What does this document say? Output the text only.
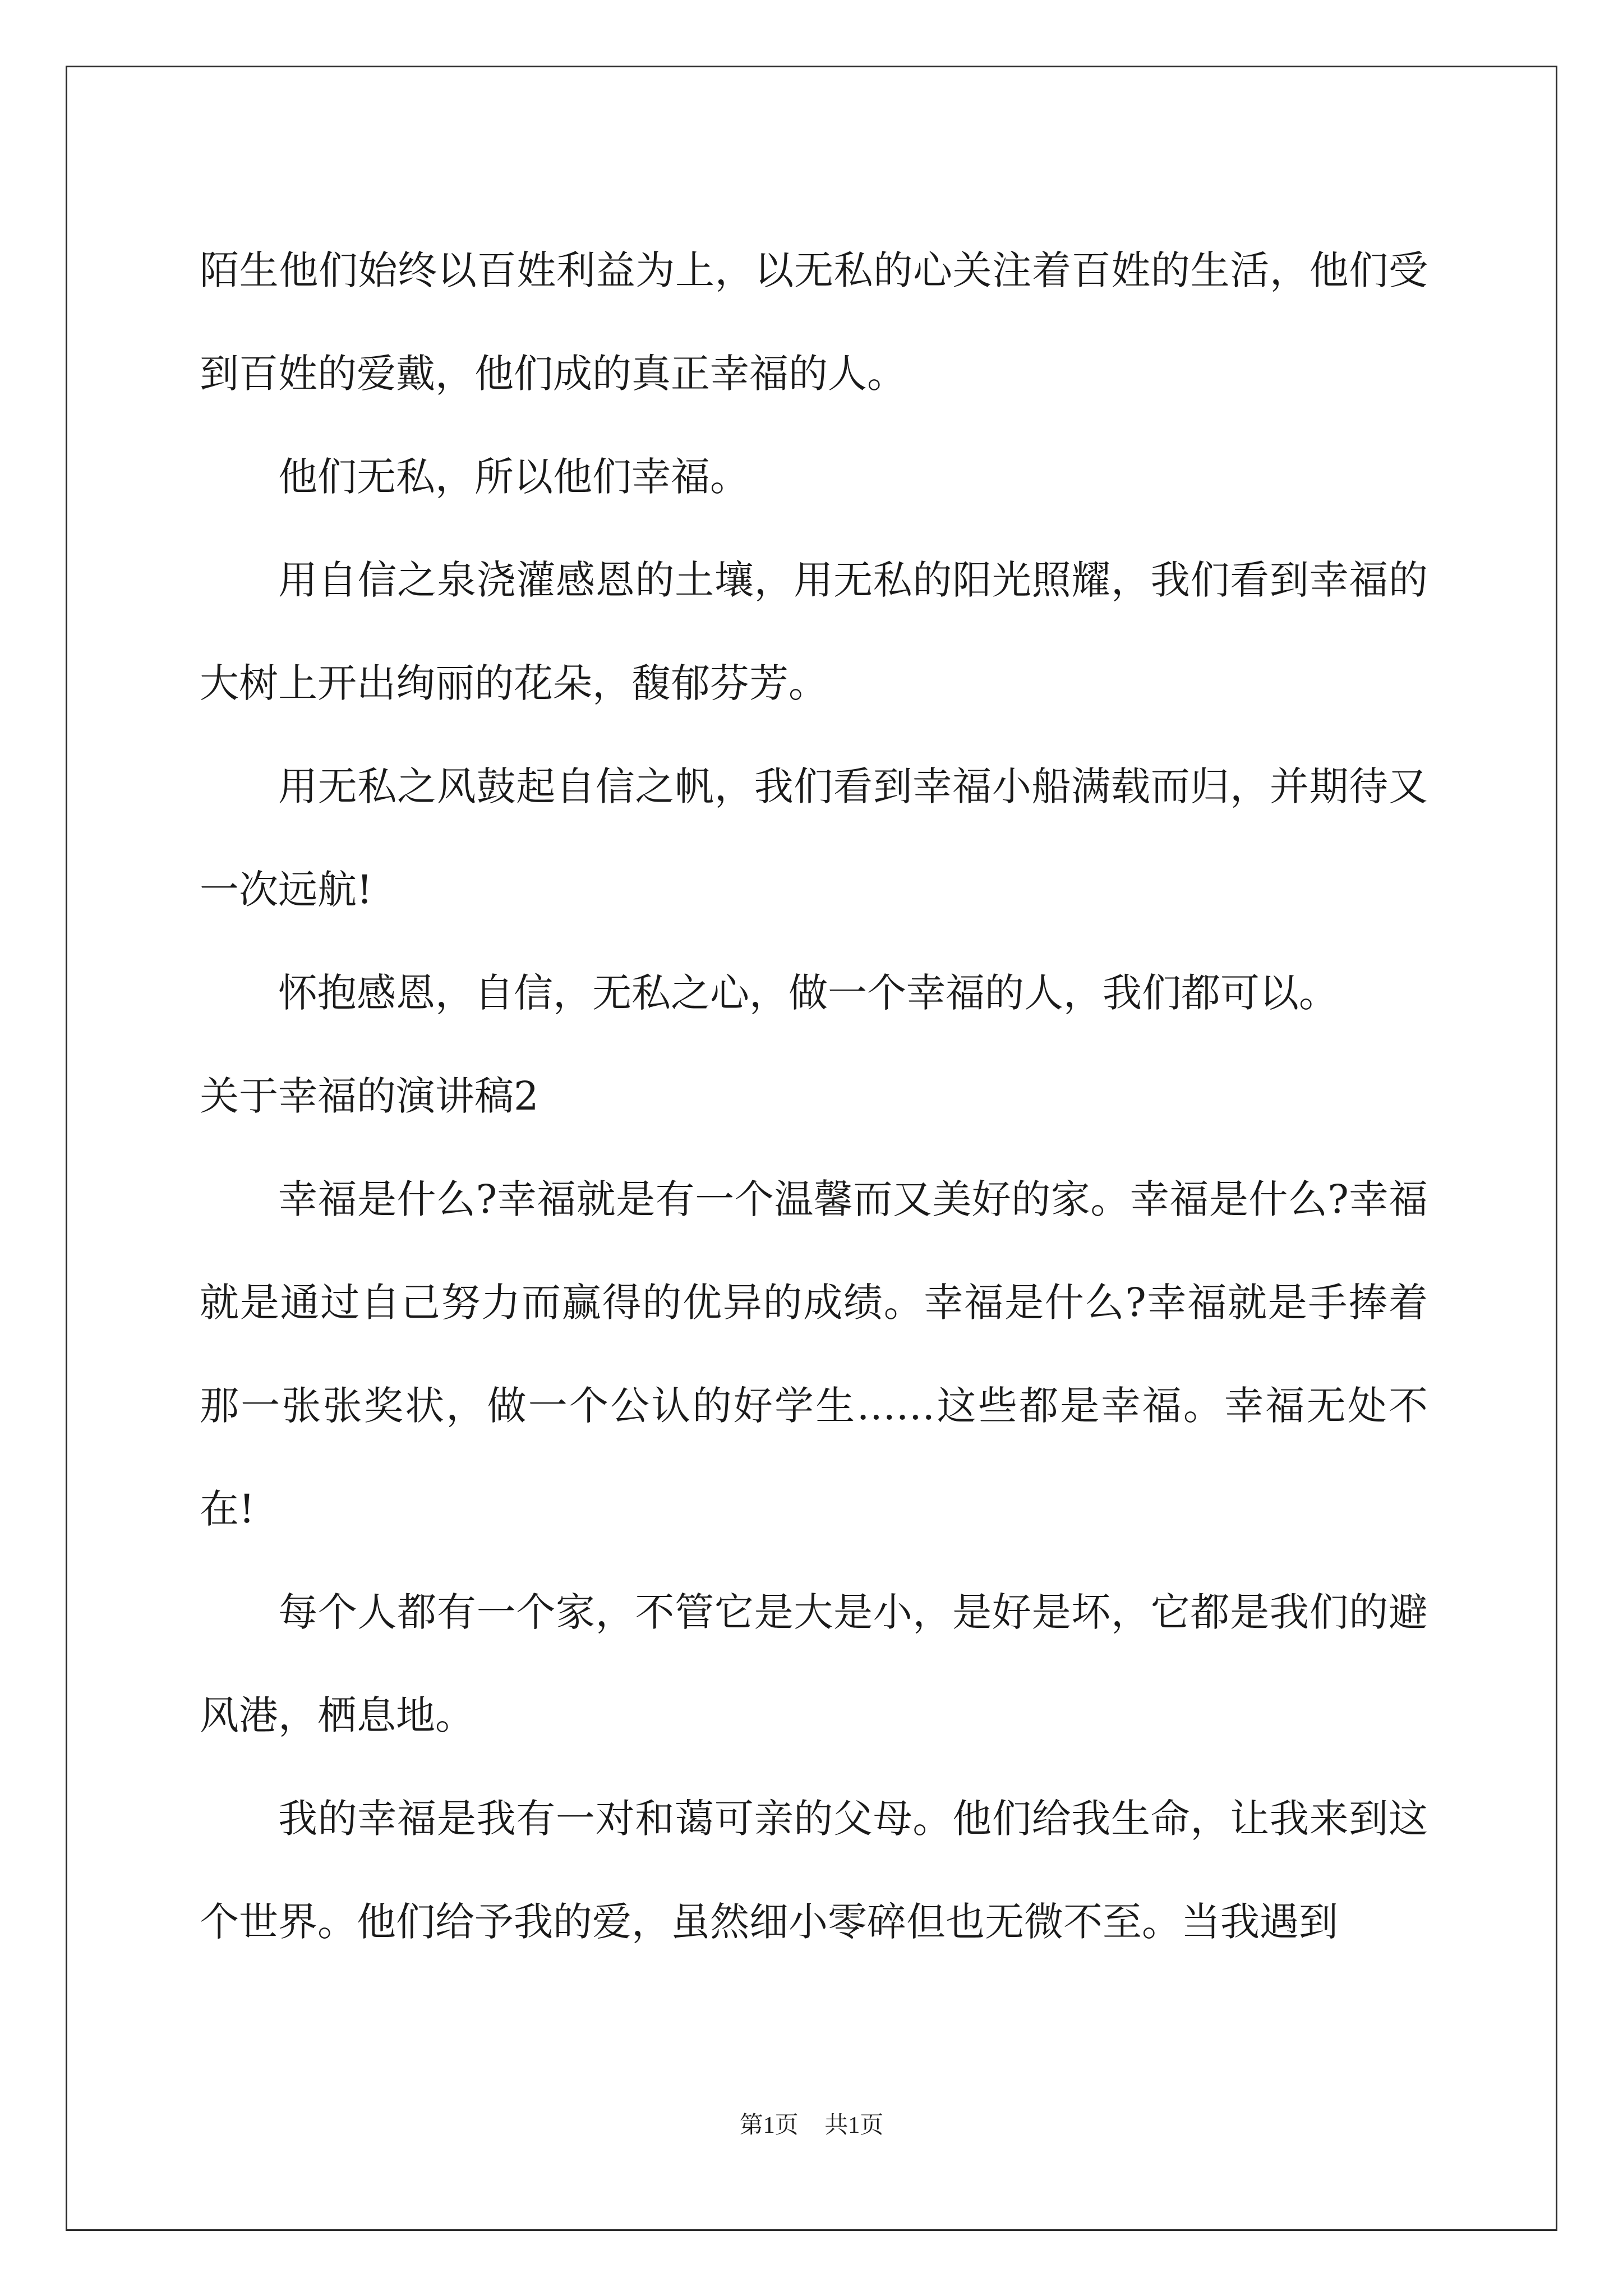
陌生他们始终以百姓利益为上，以无私的心关注着百姓的生活，他们受到百姓的爱戴，他们成的真正幸福的人。

他们无私，所以他们幸福。

用自信之泉浇灌感恩的土壤，用无私的阳光照耀，我们看到幸福的大树上开出绚丽的花朵，馥郁芬芳。

用无私之风鼓起自信之帆，我们看到幸福小船满载而归，并期待又一次远航!

怀抱感恩，自信，无私之心，做一个幸福的人，我们都可以。

关于幸福的演讲稿2

幸福是什么?幸福就是有一个温馨而又美好的家。幸福是什么?幸福就是通过自己努力而赢得的优异的成绩。幸福是什么?幸福就是手捧着那一张张奖状，做一个公认的好学生……这些都是幸福。幸福无处不在!

每个人都有一个家，不管它是大是小，是好是坏，它都是我们的避风港，栖息地。

我的幸福是我有一对和蔼可亲的父母。他们给我生命，让我来到这个世界。他们给予我的爱，虽然细小零碎但也无微不至。当我遇到

第1页 共1页
